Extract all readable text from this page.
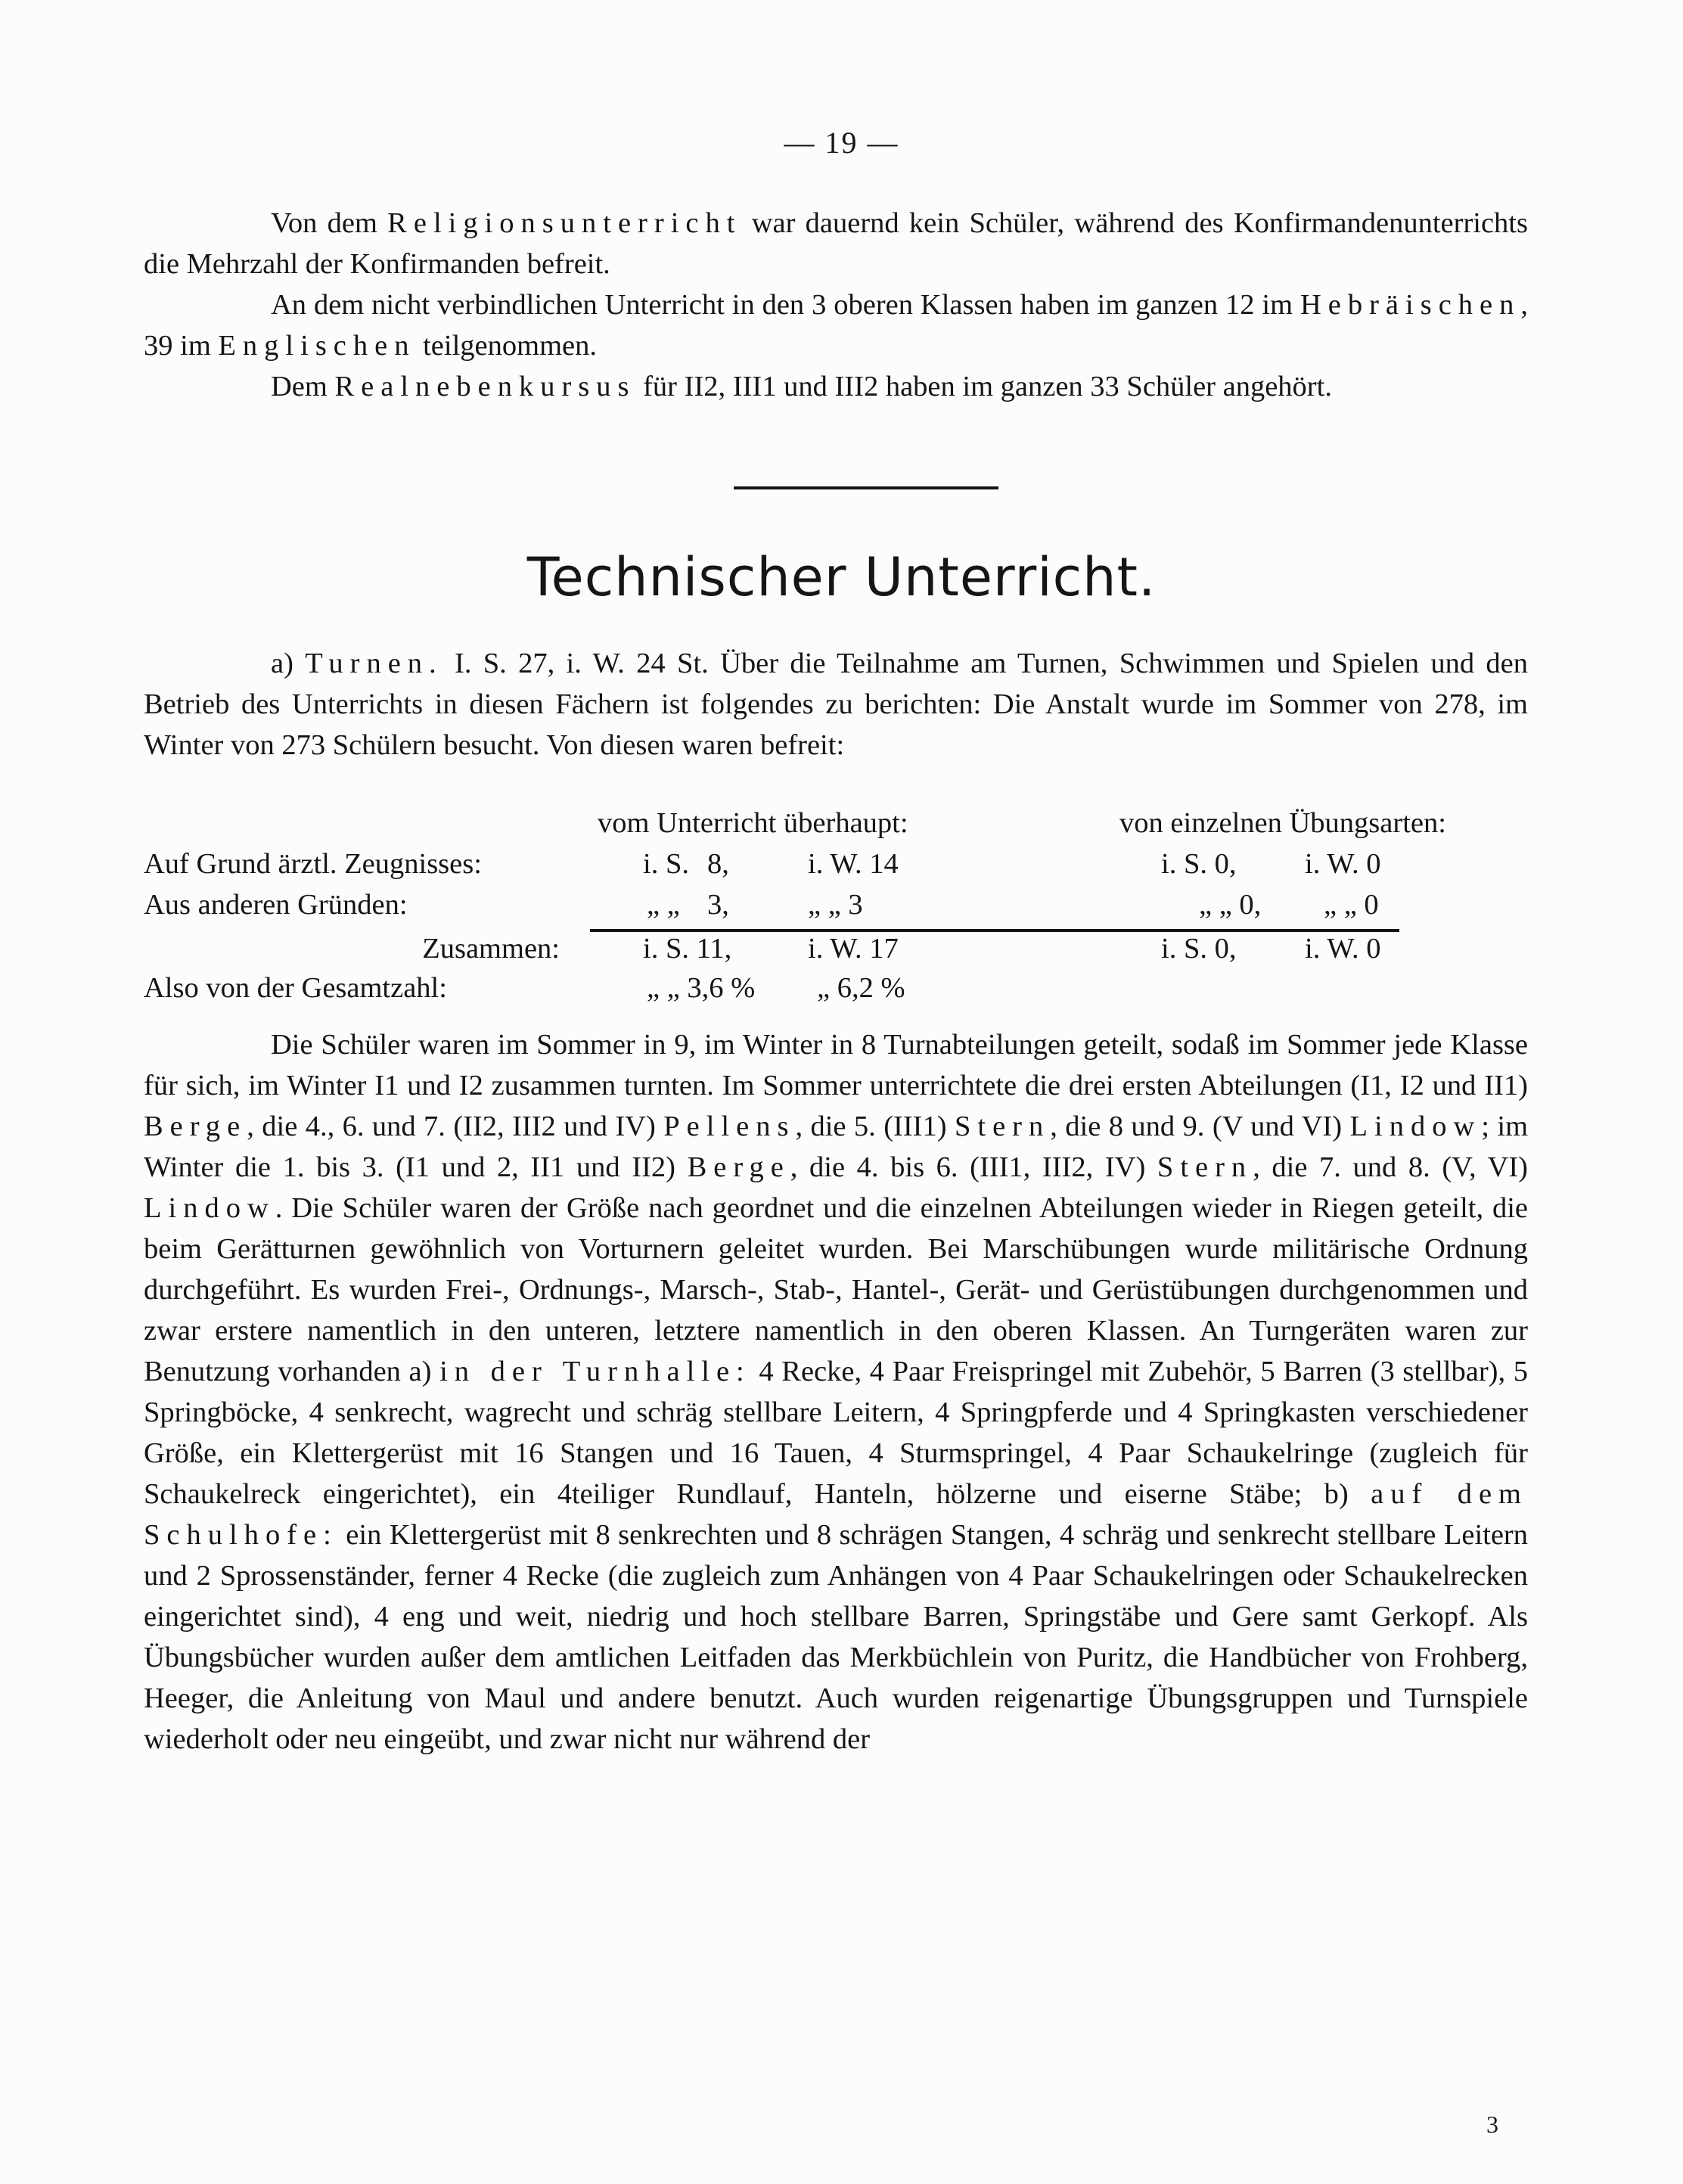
— 19 —

Von dem Religionsunterricht war dauernd kein Schüler, während des Konfirmandenunterrichts die Mehrzahl der Konfirmanden befreit.

An dem nicht verbindlichen Unterricht in den 3 oberen Klassen haben im ganzen 12 im Hebräischen, 39 im Englischen teilgenommen.

Dem Realnebenkursus für II2, III1 und III2 haben im ganzen 33 Schüler angehört.

Technischer Unterricht.

a) Turnen. I. S. 27, i. W. 24 St. Über die Teilnahme am Turnen, Schwimmen und Spielen und den Betrieb des Unterrichts in diesen Fächern ist folgendes zu berichten: Die Anstalt wurde im Sommer von 278, im Winter von 273 Schülern besucht. Von diesen waren befreit:

vom Unterricht überhaupt:	von einzelnen Übungsarten:
Auf Grund ärztl. Zeugnisses:	i. S. 8,	i. W. 14	i. S. 0, i. W. 0
Aus anderen Gründen:	„ „ 3,	„ „ 3	„ „ 0, „ „ 0
Zusammen:	i. S. 11,	i. W. 17	i. S. 0, i. W. 0
Also von der Gesamtzahl:	„ „ 3,6 % „ 6,2 %

Die Schüler waren im Sommer in 9, im Winter in 8 Turnabteilungen geteilt, sodaß im Sommer jede Klasse für sich, im Winter I1 und I2 zusammen turnten. Im Sommer unterrichtete die drei ersten Abteilungen (I1, I2 und II1) Berge, die 4., 6. und 7. (II2, III2 und IV) Pellens, die 5. (III1) Stern, die 8 und 9. (V und VI) Lindow; im Winter die 1. bis 3. (I1 und 2, II1 und II2) Berge, die 4. bis 6. (III1, III2, IV) Stern, die 7. und 8. (V, VI) Lindow. Die Schüler waren der Größe nach geordnet und die einzelnen Abteilungen wieder in Riegen geteilt, die beim Gerätturnen gewöhnlich von Vorturnern geleitet wurden. Bei Marschübungen wurde militärische Ordnung durchgeführt. Es wurden Frei-, Ordnungs-, Marsch-, Stab-, Hantel-, Gerät- und Gerüstübungen durchgenommen und zwar erstere namentlich in den unteren, letztere namentlich in den oberen Klassen. An Turngeräten waren zur Benutzung vorhanden a) in der Turnhalle: 4 Recke, 4 Paar Freispringel mit Zubehör, 5 Barren (3 stellbar), 5 Springböcke, 4 senkrecht, wagrecht und schräg stellbare Leitern, 4 Springpferde und 4 Springkasten verschiedener Größe, ein Klettergerüst mit 16 Stangen und 16 Tauen, 4 Sturmspringel, 4 Paar Schaukelringe (zugleich für Schaukelreck eingerichtet), ein 4teiliger Rundlauf, Hanteln, hölzerne und eiserne Stäbe; b) auf dem Schulhofe: ein Klettergerüst mit 8 senkrechten und 8 schrägen Stangen, 4 schräg und senkrecht stellbare Leitern und 2 Sprossenständer, ferner 4 Recke (die zugleich zum Anhängen von 4 Paar Schaukelringen oder Schaukelrecken eingerichtet sind), 4 eng und weit, niedrig und hoch stellbare Barren, Springstäbe und Gere samt Gerkopf. Als Übungsbücher wurden außer dem amtlichen Leitfaden das Merkbüchlein von Puritz, die Handbücher von Frohberg, Heeger, die Anleitung von Maul und andere benutzt. Auch wurden reigenartige Übungsgruppen und Turnspiele wiederholt oder neu eingeübt, und zwar nicht nur während der

3
